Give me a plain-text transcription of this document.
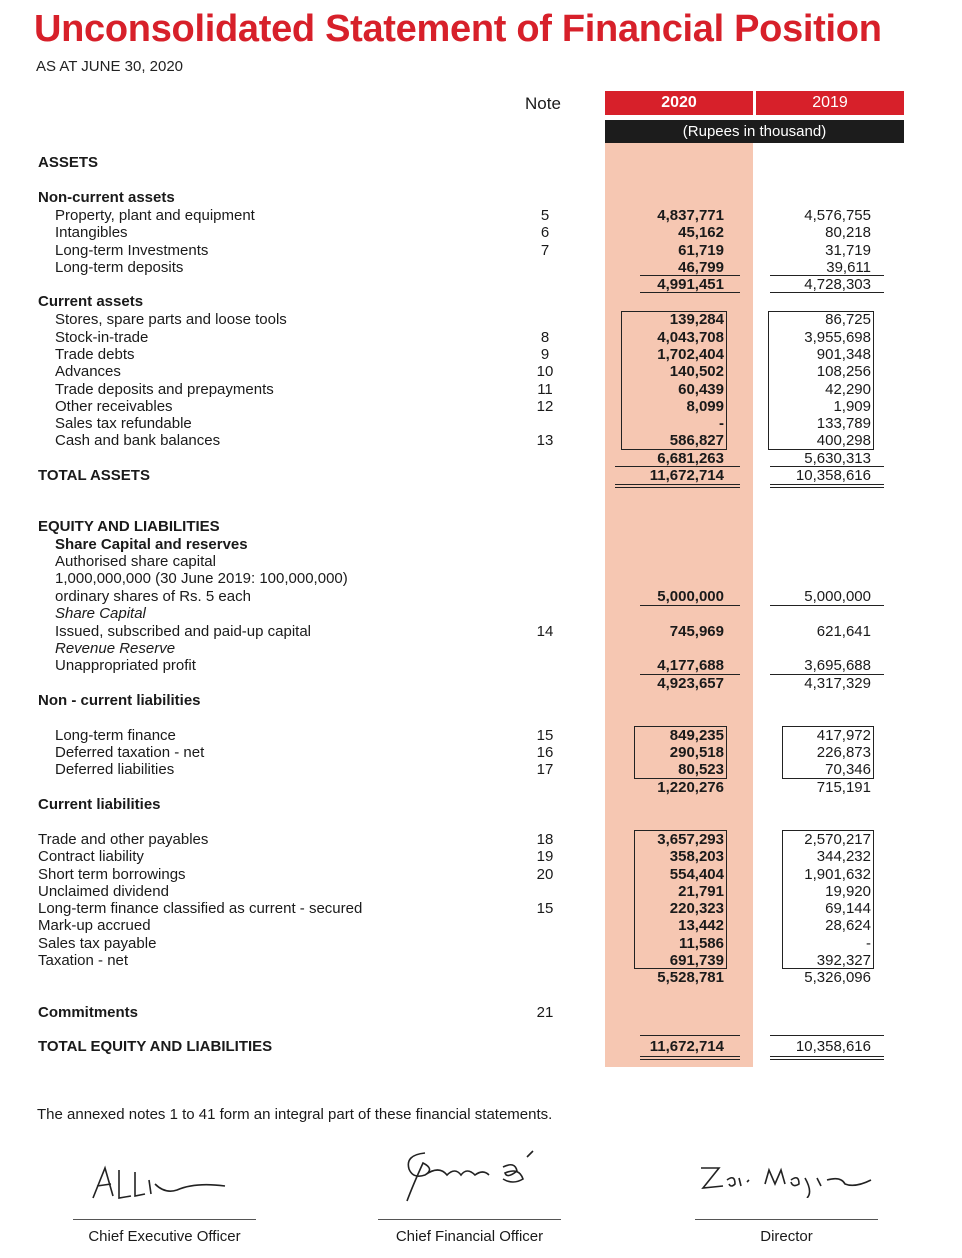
Unconsolidated Statement of Financial Position
AS AT JUNE 30, 2020
Note	2020	2019
(Rupees in thousand)
ASSETS
Non-current assets
Property, plant and equipment	5	4,837,771	4,576,755
Intangibles	6	45,162	80,218
Long-term Investments	7	61,719	31,719
Long-term deposits	46,799	39,611
4,991,451	4,728,303
Current assets
Stores, spare parts and loose tools	139,284	86,725
Stock-in-trade	8	4,043,708	3,955,698
Trade debts	9	1,702,404	901,348
Advances	10	140,502	108,256
Trade deposits and prepayments	11	60,439	42,290
Other receivables	12	8,099	1,909
Sales tax refundable	-	133,789
Cash and bank balances	13	586,827	400,298
6,681,263	5,630,313
TOTAL ASSETS	11,672,714	10,358,616
EQUITY AND LIABILITIES
Share Capital and reserves
Authorised share capital
1,000,000,000 (30 June 2019: 100,000,000)
ordinary shares of Rs. 5 each	5,000,000	5,000,000
Share Capital
Issued, subscribed and paid-up capital	14	745,969	621,641
Revenue Reserve
Unappropriated profit	4,177,688	3,695,688
4,923,657	4,317,329
Non - current liabilities
Long-term finance	15	849,235	417,972
Deferred taxation - net	16	290,518	226,873
Deferred liabilities	17	80,523	70,346
1,220,276	715,191
Current liabilities
Trade and other payables	18	3,657,293	2,570,217
Contract liability	19	358,203	344,232
Short term borrowings	20	554,404	1,901,632
Unclaimed dividend	21,791	19,920
Long-term finance classified as current - secured	15	220,323	69,144
Mark-up accrued	13,442	28,624
Sales tax payable	11,586	-
Taxation - net	691,739	392,327
5,528,781	5,326,096
Commitments	21
TOTAL EQUITY AND LIABILITIES	11,672,714	10,358,616
The annexed notes 1 to 41 form an integral part of these financial statements.
Chief Executive Officer	Chief Financial Officer	Director
